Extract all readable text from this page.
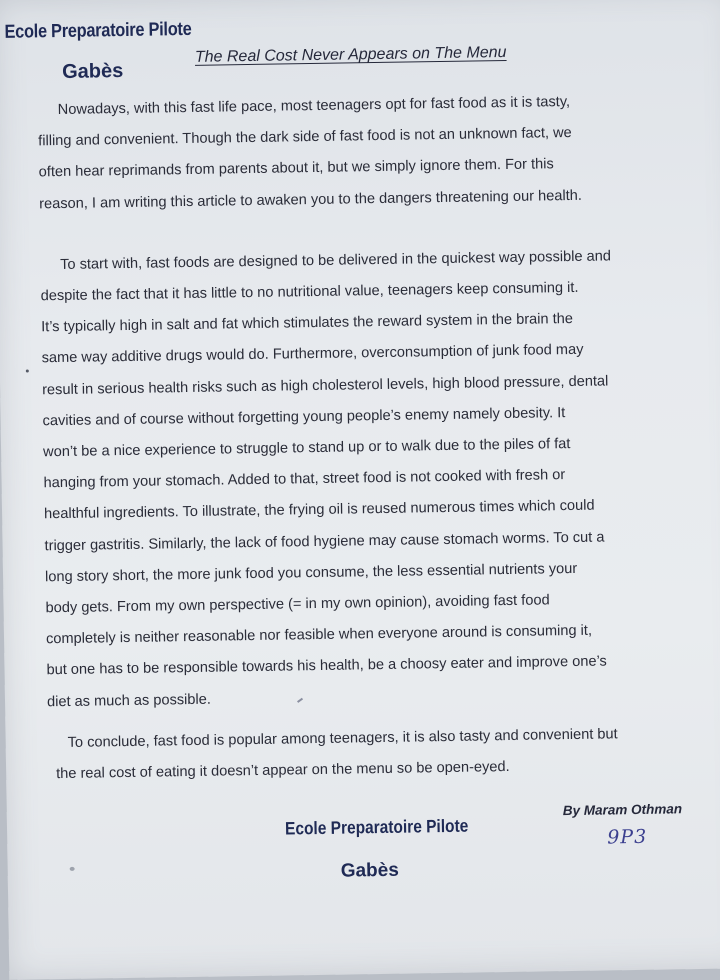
Ecole Preparatoire Pilote
Gabès
The Real Cost Never Appears on The Menu

Nowadays, with this fast life pace, most teenagers opt for fast food as it is tasty,
filling and convenient. Though the dark side of fast food is not an unknown fact, we
often hear reprimands from parents about it, but we simply ignore them. For this
reason, I am writing this article to awaken you to the dangers threatening our health.

To start with, fast foods are designed to be delivered in the quickest way possible and
despite the fact that it has little to no nutritional value, teenagers keep consuming it.
It’s typically high in salt and fat which stimulates the reward system in the brain the
same way additive drugs would do. Furthermore, overconsumption of junk food may
result in serious health risks such as high cholesterol levels, high blood pressure, dental
cavities and of course without forgetting young people’s enemy namely obesity. It
won’t be a nice experience to struggle to stand up or to walk due to the piles of fat
hanging from your stomach. Added to that, street food is not cooked with fresh or
healthful ingredients. To illustrate, the frying oil is reused numerous times which could
trigger gastritis. Similarly, the lack of food hygiene may cause stomach worms. To cut a
long story short, the more junk food you consume, the less essential nutrients your
body gets. From my own perspective (= in my own opinion), avoiding fast food
completely is neither reasonable nor feasible when everyone around is consuming it,
but one has to be responsible towards his health, be a choosy eater and improve one’s
diet as much as possible.

To conclude, fast food is popular among teenagers, it is also tasty and convenient but
the real cost of eating it doesn’t appear on the menu so be open-eyed.

By Maram Othman
9P3
Ecole Preparatoire Pilote
Gabès
